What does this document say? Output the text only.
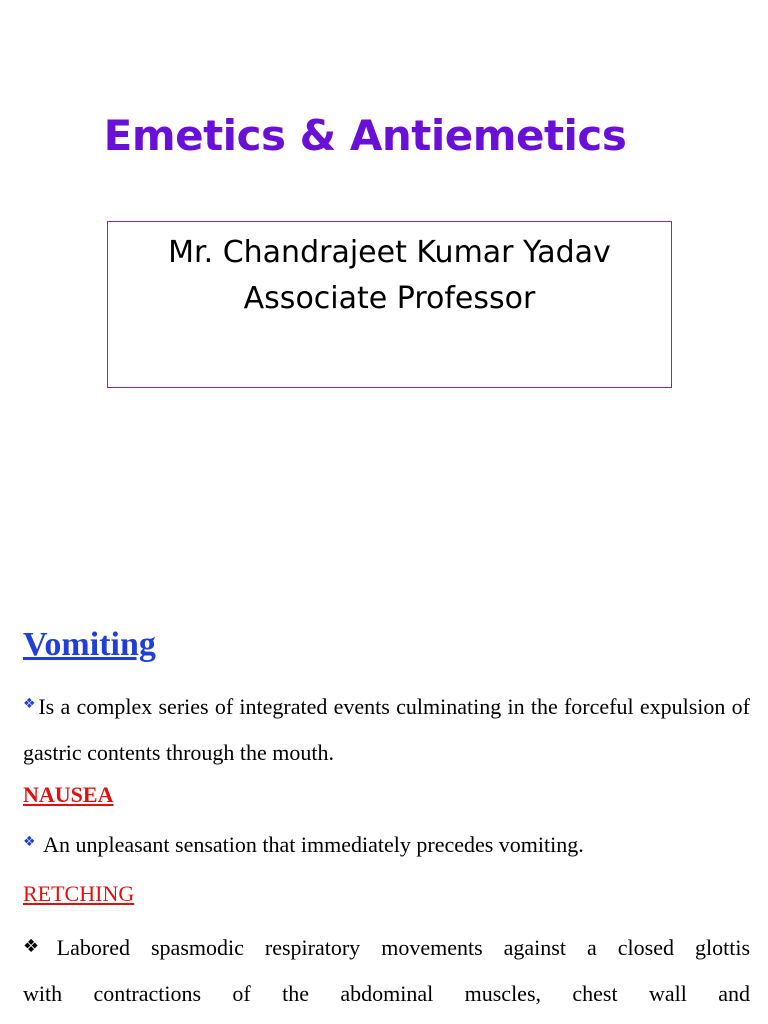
Emetics & Antiemetics
Mr. Chandrajeet Kumar Yadav
Associate Professor
Vomiting

❖Is a complex series of integrated events culminating in the forceful expulsion of gastric contents through the mouth.

NAUSEA

❖ An unpleasant sensation that immediately precedes vomiting.

RETCHING

❖Labored spasmodic respiratory movements against a closed glottis

with contractions of the abdominal muscles, chest wall and
